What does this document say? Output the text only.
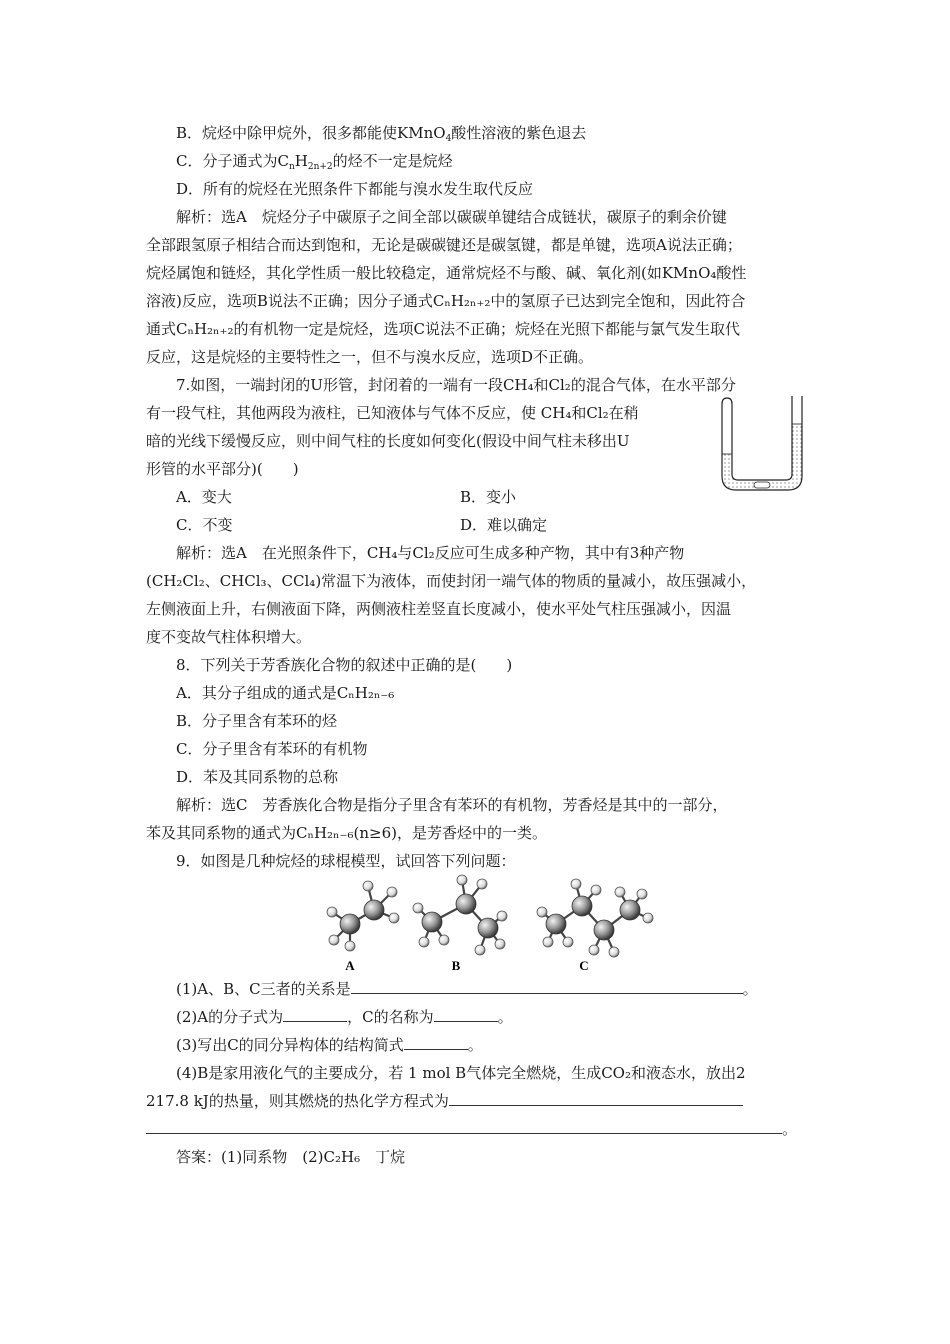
B．烷烃中除甲烷外，很多都能使KMnO$_4$酸性溶液的紫色退去
C．分子通式为$C_nH_{2n+2}$的烃不一定是烷烃
D．所有的烷烃在光照条件下都能与溴水发生取代反应
解析：选A　烷烃分子中碳原子之间全部以碳碳单键结合成链状，碳原子的剩余价键
全部跟氢原子相结合而达到饱和，无论是碳碳键还是碳氢键，都是单键，选项A说法正确；
烷烃属饱和链烃，其化学性质一般比较稳定，通常烷烃不与酸、碱、氧化剂(如KMnO₄酸性
溶液)反应，选项B说法不正确；因分子通式CₙH₂ₙ₊₂中的氢原子已达到完全饱和，因此符合
通式CₙH₂ₙ₊₂的有机物一定是烷烃，选项C说法不正确；烷烃在光照下都能与氯气发生取代
反应，这是烷烃的主要特性之一，但不与溴水反应，选项D不正确。
7.如图，一端封闭的U形管，封闭着的一端有一段CH₄和Cl₂的混合气体，在水平部分
有一段气柱，其他两段为液柱，已知液体与气体不反应，使 CH₄和Cl₂在稍
暗的光线下缓慢反应，则中间气柱的长度如何变化(假设中间气柱未移出U
形管的水平部分)(　　)
A．变大	B．变小
C．不变	D．难以确定
解析：选A　在光照条件下，CH₄与Cl₂反应可生成多种产物，其中有3种产物
(CH₂Cl₂、CHCl₃、CCl₄)常温下为液体，而使封闭一端气体的物质的量减小，故压强减小，
左侧液面上升，右侧液面下降，两侧液柱差竖直长度减小，使水平处气柱压强减小，因温
度不变故气柱体积增大。
8．下列关于芳香族化合物的叙述中正确的是(　　)
A．其分子组成的通式是CₙH₂ₙ₋₆
B．分子里含有苯环的烃
C．分子里含有苯环的有机物
D．苯及其同系物的总称
解析：选C　芳香族化合物是指分子里含有苯环的有机物，芳香烃是其中的一部分，
苯及其同系物的通式为CₙH₂ₙ₋₆(n≥6)，是芳香烃中的一类。
9．如图是几种烷烃的球棍模型，试回答下列问题：
A	B	C
(1)A、B、C三者的关系是	。
(2)A的分子式为	，C的名称为	。
(3)写出C的同分异构体的结构简式	。
(4)B是家用液化气的主要成分，若 1 mol B气体完全燃烧，生成CO₂和液态水，放出2
217.8 kJ的热量，则其燃烧的热化学方程式为
。
答案：(1)同系物　(2)C₂H₆　丁烷
